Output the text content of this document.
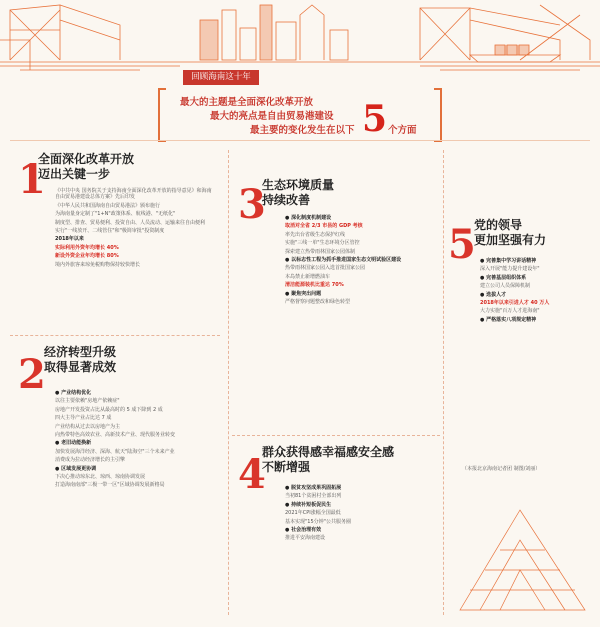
回顾海南这十年
最大的主题是全面深化改革开放
最大的亮点是自由贸易港建设
最主要的变化发生在以下 5 个方面
1
全面深化改革开放
迈出关键一步

《中共中央 国务院关于支持海南全面深化改革开放的指导意见》和海南自由贸易港建设总体方案》先后印发

《中华人民共和国海南自由贸易港法》颁布施行

为海南量身定制了"1+N"政策体系、航线港、"无纸化"

制度型、排查、贸易便利、投资自由、人员流动、运输来往自由便利

实行"一线放开、二线管住"和"极简审批"投资制度

2018年以来

实际利用外资年均增长 40%

新设外资企业年均增长 80%

境内外旅客来琼免税购物保持较快增长

2
经济转型升级
取得显著成效

● 产业结构优化

以往主要依赖"房地产依赖症"

房地产开发投资占比从最高时的 5 成下降到 2 成

四大主导产业占比达 7 成

产业结构从过去以房地产为主

向热带特色高效农业、高新技术产业、现代服务业转变

● 老旧动能换新

加快发展海洋经济、深海、航天"陆海空"三个未来产业

消费成为拉动经济增长的主引擎

● 区域发展更协调

下决心推动琼东北、琼西、琼南协调发展

打造海南南部"三极一带一区"区域协调发展新格局

3
生态环境质量
持续改善

● 深化制度机制建设

取消对全省 2/3 市县的 GDP 考核

率先出台省级生态保护红线

实施"三线一单"生态环境分区管控

探索建立热带雨林国家公园体制

● 以标志性工程为抓手推进国家生态文明试验区建设

热带雨林国家公园入选首批国家公园

本岛禁止新增燃油车

清洁能源装机比重达 70%

● 聚焦突出问题

严格督察问题整改和绿色转型

4
群众获得感幸福感安全感
不断增强

● 脱贫攻坚成果巩固拓展

当初81个贫困村全部出列

● 持续补短板促民生

2021年CPI涨幅全国最低

基本实现"15分钟"公共服务圈

● 社会治理有效

推进平安海南建设

5
党的领导
更加坚强有力

● 完善集中学习讲话精神

深入开展"能力提升建设年"

● 完善基层组织体系

建立公司人员保障机制

● 选拔人才

2018年以来引进人才 40 万人

大力实施"百万人才进海南"

● 严格落实八项规定精神

（本报北京海南记者团 制图/刘丽）
